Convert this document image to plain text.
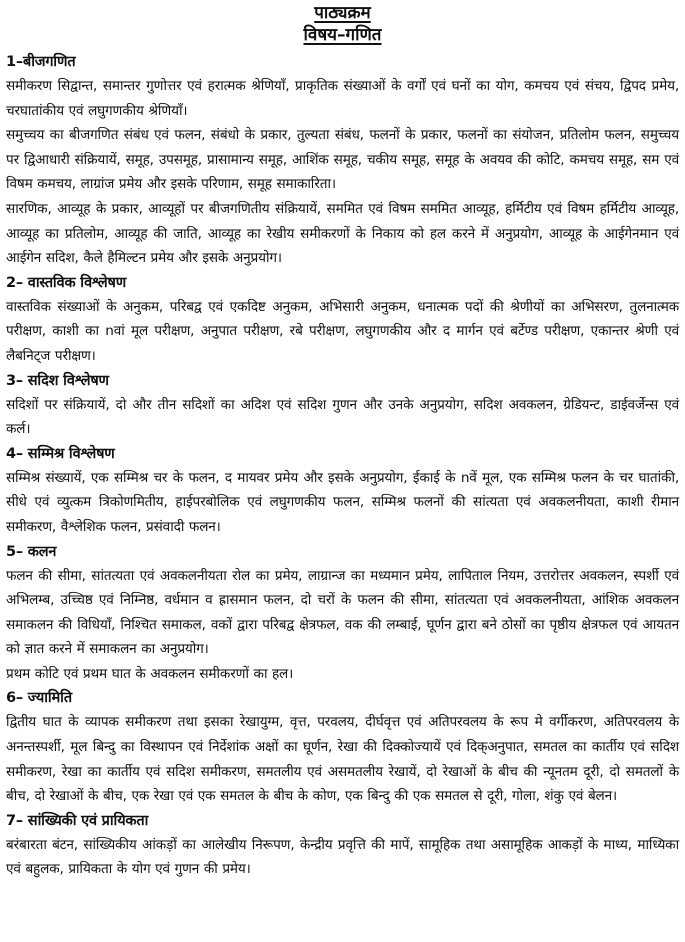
पाठ्यक्रम
विषय–गणित
1–बीजगणित

समीकरण सिद्वान्त, समान्तर गुणोत्तर एवं हरात्मक श्रेणियॉं, प्राकृतिक संख्याओं के वर्गों एवं घनों का योग, कमचय एवं संचय, द्विपद प्रमेय, चरघातांकीय एवं लघुगणकीय श्रेणियॉं।

समुच्चय का बीजगणित संबंध एवं फलन, संबंधो के प्रकार, तुल्यता संबंध, फलनों के प्रकार, फलनों का संयोजन, प्रतिलोम फलन, समुच्चय पर द्विआधारी संक्रियायें, समूह, उपसमूह, प्रासामान्य समूह, आशिंक समूह, चकीय समूह, समूह के अवयव की कोटि, कमचय समूह, सम एवं विषम कमचय, लाग्रांज प्रमेय और इसके परिणाम, समूह समाकारिता।

सारणिक, आव्यूह के प्रकार, आव्यूहों पर बीजगणितीय संक्रियायें, सममित एवं विषम सममित आव्यूह, हर्मिटीय एवं विषम हर्मिटीय आव्यूह, आव्यूह का प्रतिलोम, आव्यूह की जाति, आव्यूह का रेखीय समीकरणों के निकाय को हल करने में अनुप्रयोग, आव्यूह के आईगेनमान एवं आईगेन सदिश, कैले हैमिल्टन प्रमेय और इसके अनुप्रयोग।

2– वास्तविक विश्लेषण

वास्तविक संख्याओं के अनुकम, परिबद्व एवं एकदिष्ट अनुकम, अभिसारी अनुकम, धनात्मक पदों की श्रेणीयों का अभिसरण, तुलनात्मक परीक्षण, काशी का nवां मूल परीक्षण, अनुपात परीक्षण, रबे परीक्षण, लघुगणकीय और द मार्गन एवं बर्टेण्ड परीक्षण, एकान्तर श्रेणी एवं लैबनिट्ज परीक्षण।

3– सदिश विश्लेषण

सदिशों पर संक्रियायें, दो और तीन सदिशों का अदिश एवं सदिश गुणन और उनके अनुप्रयोग, सदिश अवकलन, ग्रेडियन्ट, डाईवर्जेन्स एवं कर्ल।

4– सम्मिश्र विश्लेषण

सम्मिश्र संख्यायें, एक सम्मिश्र चर के फलन, द मायवर प्रमेय और इसके अनुप्रयोग, ईकाई के nवें मूल, एक सम्मिश्र फलन के चर घातांकी, सीधे एवं व्युत्कम त्रिकोणमितीय, हाईपरबोलिक एवं लघुगणकीय फलन, सम्मिश्र फलनों की सांत्यता एवं अवकलनीयता, काशी रीमान समीकरण, वैश्लेशिक फलन, प्रसंवादी फलन।

5– कलन

फलन की सीमा, सांतत्यता एवं अवकलनीयता रोल का प्रमेय, लाग्रान्ज का मध्यमान प्रमेय, लापिताल नियम, उत्तरोत्तर अवकलन, स्पर्शी एवं अभिलम्ब, उच्चिष्ठ एवं निम्निष्ठ, वर्धमान व ह्रासमान फलन, दो चरों के फलन की सीमा, सांतत्यता एवं अवकलनीयता, आंशिक अवकलन समाकलन की विधियॉं, निश्चित समाकल, वकों द्वारा परिबद्व क्षेत्रफल, वक की लम्बाई, घूर्णन द्वारा बने ठोसों का पृष्ठीय क्षेत्रफल एवं आयतन को ज्ञात करने में समाकलन का अनुप्रयोग।

प्रथम कोटि एवं प्रथम घात के अवकलन समीकरणों का हल।

6– ज्यामिति

द्वितीय घात के व्यापक समीकरण तथा इसका रेखायुग्म, वृत्त, परवलय, दीर्घवृत्त एवं अतिपरवलय के रूप मे वर्गीकरण, अतिपरवलय के अनन्तस्पर्शी, मूल बिन्दु का विस्थापन एवं निर्देशांक अक्षों का घूर्णन, रेखा की दिक्कोज्यायें एवं दिक्अनुपात, समतल का कार्तीय एवं सदिश समीकरण, रेखा का कार्तीय एवं सदिश समीकरण, समतलीय एवं असमतलीय रेखायें, दो रेखाओं के बीच की न्यूनतम दूरी, दो समतलों के बीच, दो रेखाओं के बीच, एक रेखा एवं एक समतल के बीच के कोण, एक बिन्दु की एक समतल से दूरी, गोला, शंकु एवं बेलन।

7– सांख्यिकी एवं प्रायिकता

बरंबारता बंटन, सांख्यिकीय आंकड़ों का आलेखीय निरूपण, केन्द्रीय प्रवृत्ति की मापें, सामूहिक तथा असामूहिक आकड़ों के माध्य, माध्यिका एवं बहुलक, प्रायिकता के योग एवं गुणन की प्रमेय।
